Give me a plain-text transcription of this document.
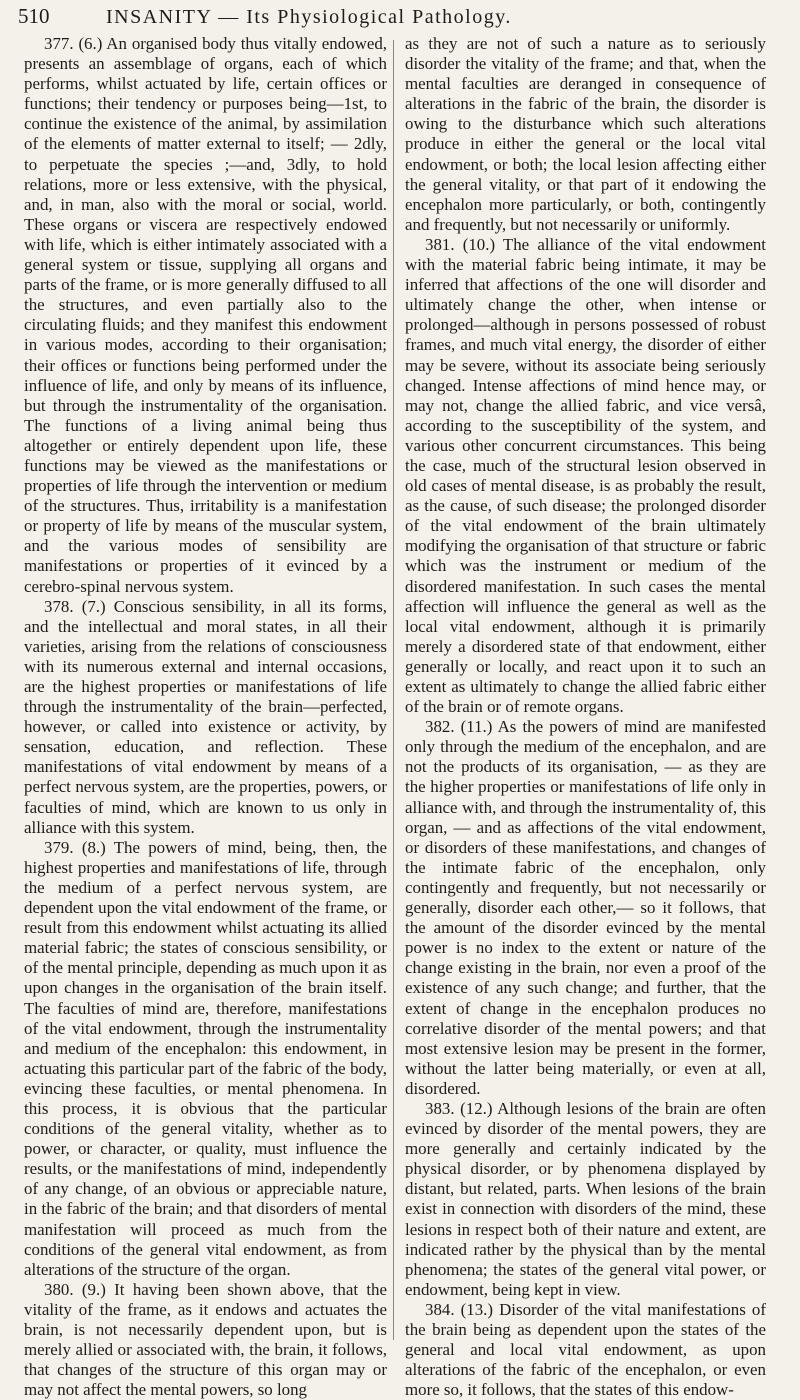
510	INSANITY — Its Physiological Pathology.

377. (6.) An organised body thus vitally endowed, presents an assemblage of organs, each of which performs, whilst actuated by life, certain offices or functions; their tendency or purposes being—1st, to continue the existence of the animal, by assimilation of the elements of matter external to itself; — 2dly, to perpetuate the species ;—and, 3dly, to hold relations, more or less extensive, with the physical, and, in man, also with the moral or social, world. These organs or viscera are respectively endowed with life, which is either intimately associated with a general system or tissue, supplying all organs and parts of the frame, or is more generally diffused to all the structures, and even partially also to the circulating fluids; and they manifest this endowment in various modes, according to their organisation; their offices or functions being performed under the influence of life, and only by means of its influence, but through the instrumentality of the organisation. The functions of a living animal being thus altogether or entirely dependent upon life, these functions may be viewed as the manifestations or properties of life through the intervention or medium of the structures. Thus, irritability is a manifestation or property of life by means of the muscular system, and the various modes of sensibility are manifestations or properties of it evinced by a cerebro-spinal nervous system.

378. (7.) Conscious sensibility, in all its forms, and the intellectual and moral states, in all their varieties, arising from the relations of consciousness with its numerous external and internal occasions, are the highest properties or manifestations of life through the instrumentality of the brain—perfected, however, or called into existence or activity, by sensation, education, and reflection. These manifestations of vital endowment by means of a perfect nervous system, are the properties, powers, or faculties of mind, which are known to us only in alliance with this system.

379. (8.) The powers of mind, being, then, the highest properties and manifestations of life, through the medium of a perfect nervous system, are dependent upon the vital endowment of the frame, or result from this endowment whilst actuating its allied material fabric; the states of conscious sensibility, or of the mental principle, depending as much upon it as upon changes in the organisation of the brain itself. The faculties of mind are, therefore, manifestations of the vital endowment, through the instrumentality and medium of the encephalon: this endowment, in actuating this particular part of the fabric of the body, evincing these faculties, or mental phenomena. In this process, it is obvious that the particular conditions of the general vitality, whether as to power, or character, or quality, must influence the results, or the manifestations of mind, independently of any change, of an obvious or appreciable nature, in the fabric of the brain; and that disorders of mental manifestation will proceed as much from the conditions of the general vital endowment, as from alterations of the structure of the organ.

380. (9.) It having been shown above, that the vitality of the frame, as it endows and actuates the brain, is not necessarily dependent upon, but is merely allied or associated with, the brain, it follows, that changes of the structure of this organ may or may not affect the mental powers, so long

as they are not of such a nature as to seriously disorder the vitality of the frame; and that, when the mental faculties are deranged in consequence of alterations in the fabric of the brain, the disorder is owing to the disturbance which such alterations produce in either the general or the local vital endowment, or both; the local lesion affecting either the general vitality, or that part of it endowing the encephalon more particularly, or both, contingently and frequently, but not necessarily or uniformly.

381. (10.) The alliance of the vital endowment with the material fabric being intimate, it may be inferred that affections of the one will disorder and ultimately change the other, when intense or prolonged—although in persons possessed of robust frames, and much vital energy, the disorder of either may be severe, without its associate being seriously changed. Intense affections of mind hence may, or may not, change the allied fabric, and vice versâ, according to the susceptibility of the system, and various other concurrent circumstances. This being the case, much of the structural lesion observed in old cases of mental disease, is as probably the result, as the cause, of such disease; the prolonged disorder of the vital endowment of the brain ultimately modifying the organisation of that structure or fabric which was the instrument or medium of the disordered manifestation. In such cases the mental affection will influence the general as well as the local vital endowment, although it is primarily merely a disordered state of that endowment, either generally or locally, and react upon it to such an extent as ultimately to change the allied fabric either of the brain or of remote organs.

382. (11.) As the powers of mind are manifested only through the medium of the encephalon, and are not the products of its organisation, — as they are the higher properties or manifestations of life only in alliance with, and through the instrumentality of, this organ, — and as affections of the vital endowment, or disorders of these manifestations, and changes of the intimate fabric of the encephalon, only contingently and frequently, but not necessarily or generally, disorder each other,— so it follows, that the amount of the disorder evinced by the mental power is no index to the extent or nature of the change existing in the brain, nor even a proof of the existence of any such change; and further, that the extent of change in the encephalon produces no correlative disorder of the mental powers; and that most extensive lesion may be present in the former, without the latter being materially, or even at all, disordered.

383. (12.) Although lesions of the brain are often evinced by disorder of the mental powers, they are more generally and certainly indicated by the physical disorder, or by phenomena displayed by distant, but related, parts. When lesions of the brain exist in connection with disorders of the mind, these lesions in respect both of their nature and extent, are indicated rather by the physical than by the mental phenomena; the states of the general vital power, or endowment, being kept in view.

384. (13.) Disorder of the vital manifestations of the brain being as dependent upon the states of the general and local vital endowment, as upon alterations of the fabric of the encephalon, or even more so, it follows, that the states of this endow-
